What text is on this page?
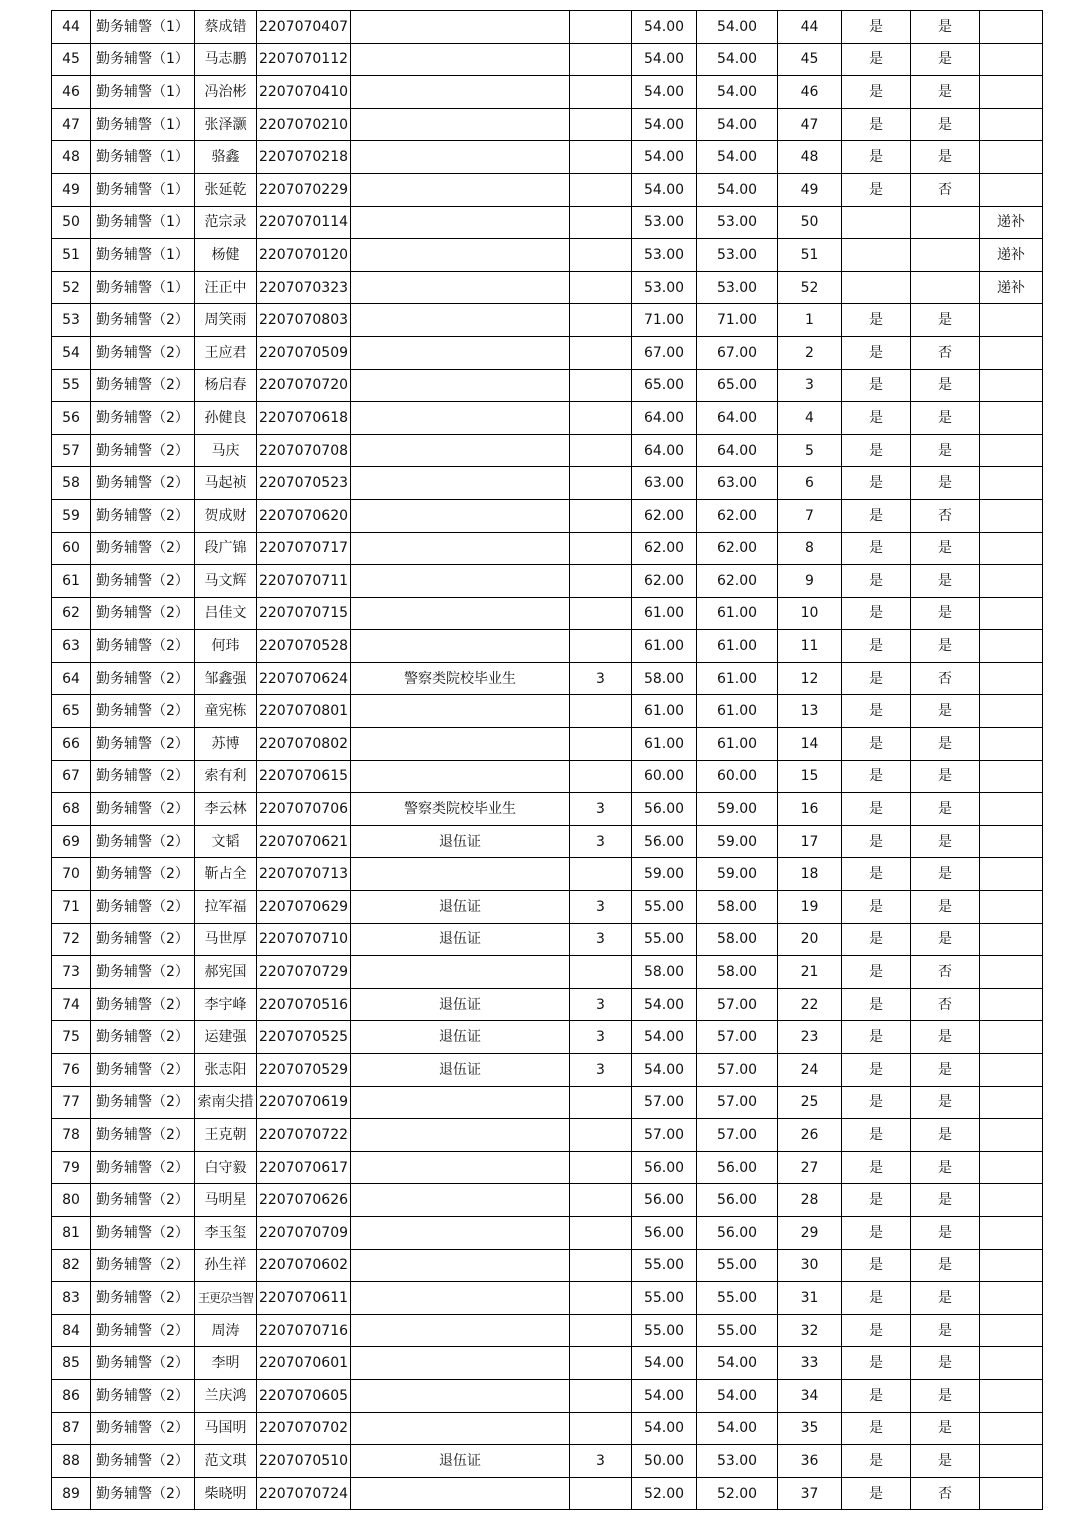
44	勤务辅警（1）	蔡成错	2207070407			54.00	54.00	44	是	是	
45	勤务辅警（1）	马志鹏	2207070112			54.00	54.00	45	是	是	
46	勤务辅警（1）	冯治彬	2207070410			54.00	54.00	46	是	是	
47	勤务辅警（1）	张泽灏	2207070210			54.00	54.00	47	是	是	
48	勤务辅警（1）	骆鑫	2207070218			54.00	54.00	48	是	是	
49	勤务辅警（1）	张延乾	2207070229			54.00	54.00	49	是	否	
50	勤务辅警（1）	范宗录	2207070114			53.00	53.00	50			递补
51	勤务辅警（1）	杨健	2207070120			53.00	53.00	51			递补
52	勤务辅警（1）	汪正中	2207070323			53.00	53.00	52			递补
53	勤务辅警（2）	周笑雨	2207070803			71.00	71.00	1	是	是	
54	勤务辅警（2）	王应君	2207070509			67.00	67.00	2	是	否	
55	勤务辅警（2）	杨启春	2207070720			65.00	65.00	3	是	是	
56	勤务辅警（2）	孙健良	2207070618			64.00	64.00	4	是	是	
57	勤务辅警（2）	马庆	2207070708			64.00	64.00	5	是	是	
58	勤务辅警（2）	马起祯	2207070523			63.00	63.00	6	是	是	
59	勤务辅警（2）	贺成财	2207070620			62.00	62.00	7	是	否	
60	勤务辅警（2）	段广锦	2207070717			62.00	62.00	8	是	是	
61	勤务辅警（2）	马文辉	2207070711			62.00	62.00	9	是	是	
62	勤务辅警（2）	吕佳文	2207070715			61.00	61.00	10	是	是	
63	勤务辅警（2）	何玮	2207070528			61.00	61.00	11	是	是	
64	勤务辅警（2）	邹鑫强	2207070624	警察类院校毕业生	3	58.00	61.00	12	是	否	
65	勤务辅警（2）	童宪栋	2207070801			61.00	61.00	13	是	是	
66	勤务辅警（2）	苏博	2207070802			61.00	61.00	14	是	是	
67	勤务辅警（2）	索有利	2207070615			60.00	60.00	15	是	是	
68	勤务辅警（2）	李云林	2207070706	警察类院校毕业生	3	56.00	59.00	16	是	是	
69	勤务辅警（2）	文韬	2207070621	退伍证	3	56.00	59.00	17	是	是	
70	勤务辅警（2）	靳占全	2207070713			59.00	59.00	18	是	是	
71	勤务辅警（2）	拉军福	2207070629	退伍证	3	55.00	58.00	19	是	是	
72	勤务辅警（2）	马世厚	2207070710	退伍证	3	55.00	58.00	20	是	是	
73	勤务辅警（2）	郝宪国	2207070729			58.00	58.00	21	是	否	
74	勤务辅警（2）	李宇峰	2207070516	退伍证	3	54.00	57.00	22	是	否	
75	勤务辅警（2）	运建强	2207070525	退伍证	3	54.00	57.00	23	是	是	
76	勤务辅警（2）	张志阳	2207070529	退伍证	3	54.00	57.00	24	是	是	
77	勤务辅警（2）	索南尖措	2207070619			57.00	57.00	25	是	是	
78	勤务辅警（2）	王克朝	2207070722			57.00	57.00	26	是	是	
79	勤务辅警（2）	白守毅	2207070617			56.00	56.00	27	是	是	
80	勤务辅警（2）	马明星	2207070626			56.00	56.00	28	是	是	
81	勤务辅警（2）	李玉玺	2207070709			56.00	56.00	29	是	是	
82	勤务辅警（2）	孙生祥	2207070602			55.00	55.00	30	是	是	
83	勤务辅警（2）	王更尕当智	2207070611			55.00	55.00	31	是	是	
84	勤务辅警（2）	周涛	2207070716			55.00	55.00	32	是	是	
85	勤务辅警（2）	李明	2207070601			54.00	54.00	33	是	是	
86	勤务辅警（2）	兰庆鸿	2207070605			54.00	54.00	34	是	是	
87	勤务辅警（2）	马国明	2207070702			54.00	54.00	35	是	是	
88	勤务辅警（2）	范文琪	2207070510	退伍证	3	50.00	53.00	36	是	是	
89	勤务辅警（2）	柴晓明	2207070724			52.00	52.00	37	是	否	
